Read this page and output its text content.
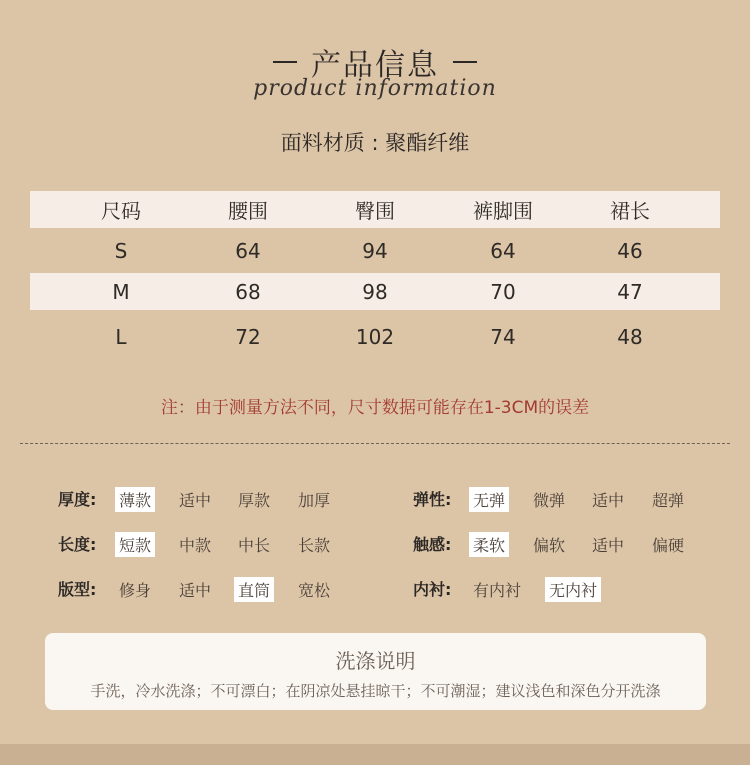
产品信息
product information
面料材质 : 聚酯纤维
尺码	腰围	臀围	裤脚围	裙长
S	64	94	64	46
M	68	98	70	47
L	72	102	74	48
注：由于测量方法不同，尺寸数据可能存在1-3CM的误差
厚度: 薄款 适中 厚款 加厚	弹性: 无弹 微弹 适中 超弹
长度: 短款 中款 中长 长款	触感: 柔软 偏软 适中 偏硬
版型: 修身 适中 直筒 宽松	内衬: 有内衬 无内衬
洗涤说明
手洗，冷水洗涤；不可漂白；在阴凉处悬挂晾干；不可潮湿；建议浅色和深色分开洗涤
